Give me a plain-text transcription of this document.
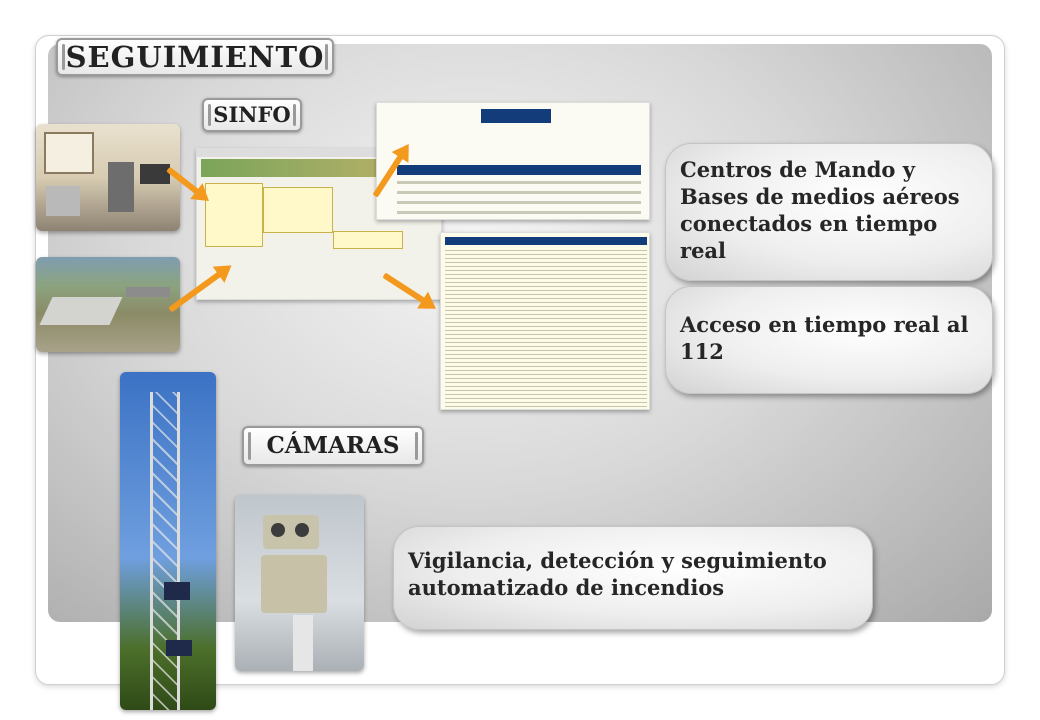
SEGUIMIENTO
SINFO
CÁMARAS
Centros de Mando y Bases de medios aéreos conectados en tiempo real
Acceso en tiempo real al 112
Vigilancia, detección y seguimiento automatizado de incendios
